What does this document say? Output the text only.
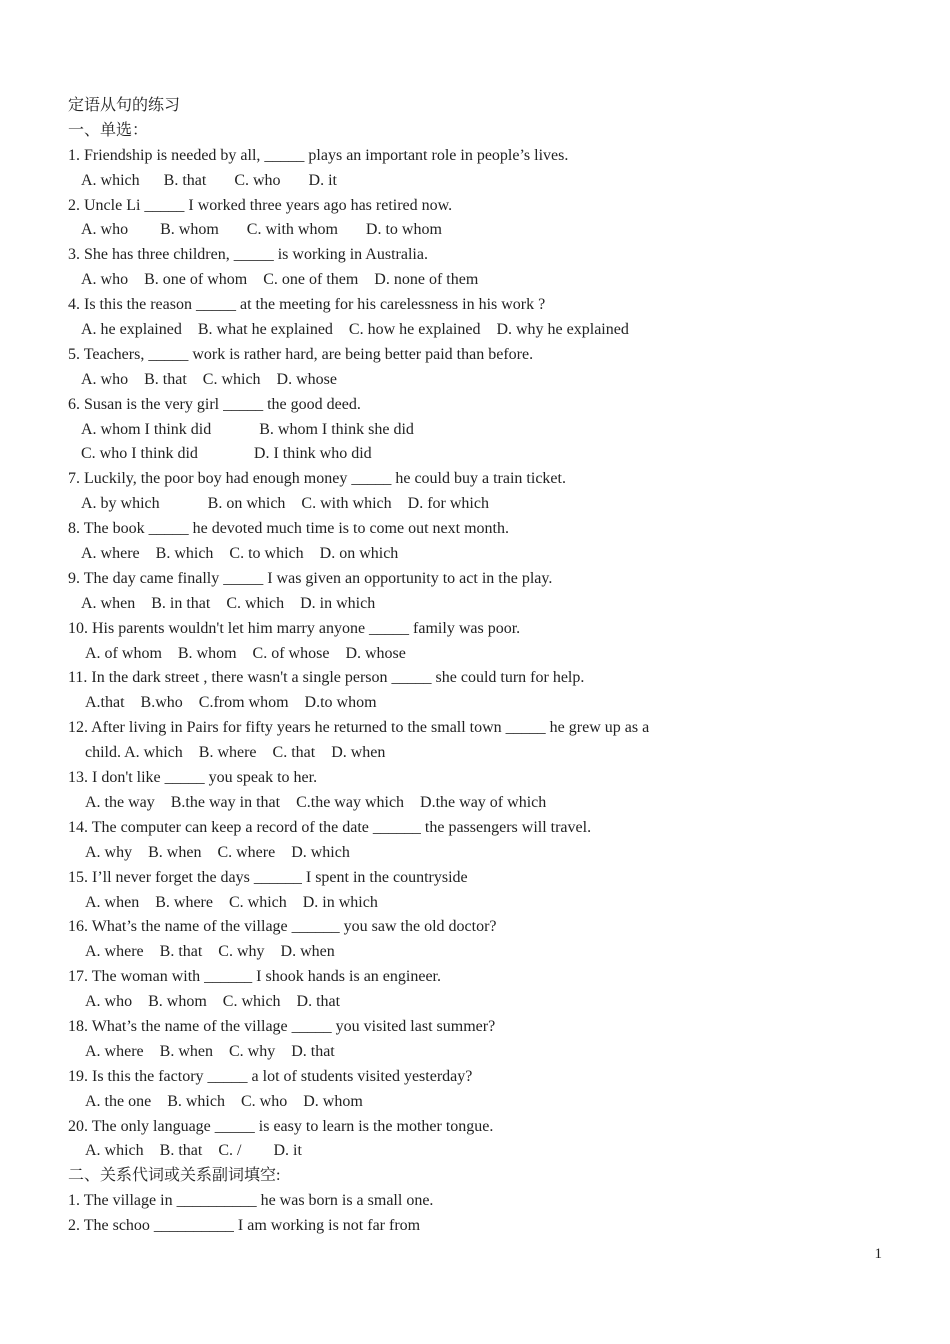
定语从句的练习
一、单选：
1. Friendship is needed by all, _____ plays an important role in people’s lives.
A. which      B. that       C. who       D. it
2. Uncle Li _____ I worked three years ago has retired now.
A. who        B. whom       C. with whom       D. to whom
3. She has three children, _____ is working in Australia.
A. who    B. one of whom    C. one of them    D. none of them
4. Is this the reason _____ at the meeting for his carelessness in his work ?
A. he explained    B. what he explained    C. how he explained    D. why he explained
5. Teachers, _____ work is rather hard, are being better paid than before.
A. who    B. that    C. which    D. whose
6. Susan is the very girl _____ the good deed.
A. whom I think did            B. whom I think she did
C. who I think did              D. I think who did
7. Luckily, the poor boy had enough money _____ he could buy a train ticket.
A. by which            B. on which    C. with which    D. for which
8. The book _____ he devoted much time is to come out next month.
A. where    B. which    C. to which    D. on which
9. The day came finally _____ I was given an opportunity to act in the play.
A. when    B. in that    C. which    D. in which
10. His parents wouldn't let him marry anyone _____ family was poor.
A. of whom    B. whom    C. of whose    D. whose
11. In the dark street , there wasn't a single person _____ she could turn for help.
A.that    B.who    C.from whom    D.to whom
12. After living in Pairs for fifty years he returned to the small town _____ he grew up as a
child. A. which    B. where    C. that    D. when
13. I don't like _____ you speak to her.
A. the way    B.the way in that    C.the way which    D.the way of which
14. The computer can keep a record of the date ______ the passengers will travel.
A. why    B. when    C. where    D. which
15. I’ll never forget the days ______ I spent in the countryside
A. when    B. where    C. which    D. in which
16. What’s the name of the village ______ you saw the old doctor?
A. where    B. that    C. why    D. when
17. The woman with ______ I shook hands is an engineer.
A. who    B. whom    C. which    D. that
18. What’s the name of the village _____ you visited last summer?
A. where    B. when    C. why    D. that
19. Is this the factory _____ a lot of students visited yesterday?
A. the one    B. which    C. who    D. whom
20. The only language _____ is easy to learn is the mother tongue.
A. which    B. that    C. /        D. it
二、关系代词或关系副词填空:
1. The village in __________ he was born is a small one.
2. The schoo __________ I am working is not far from
1
